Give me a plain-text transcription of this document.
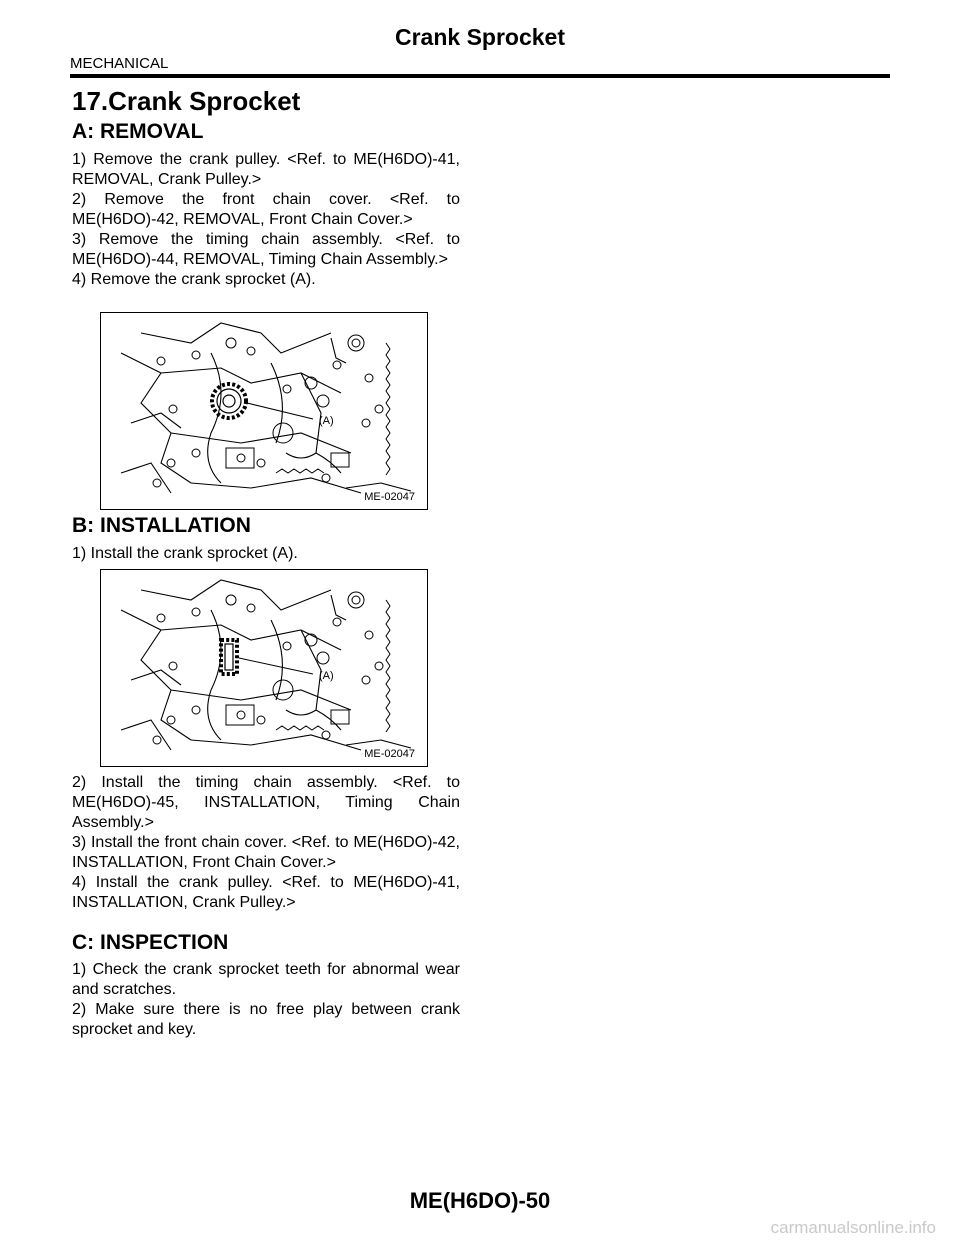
Crank Sprocket
MECHANICAL
17.Crank Sprocket
A: REMOVAL

1) Remove the crank pulley. <Ref. to ME(H6DO)-41, REMOVAL, Crank Pulley.>

2) Remove the front chain cover. <Ref. to ME(H6DO)-42, REMOVAL, Front Chain Cover.>

3) Remove the timing chain assembly. <Ref. to ME(H6DO)-44, REMOVAL, Timing Chain Assembly.>

4) Remove the crank sprocket (A).

(A)
ME-02047
B: INSTALLATION

1) Install the crank sprocket (A).

(A)
ME-02047

2) Install the timing chain assembly. <Ref. to ME(H6DO)-45, INSTALLATION, Timing Chain Assembly.>

3) Install the front chain cover. <Ref. to ME(H6DO)-42, INSTALLATION, Front Chain Cover.>

4) Install the crank pulley. <Ref. to ME(H6DO)-41, INSTALLATION, Crank Pulley.>

C: INSPECTION

1) Check the crank sprocket teeth for abnormal wear and scratches.

2) Make sure there is no free play between crank sprocket and key.

ME(H6DO)-50
carmanualsonline.info
